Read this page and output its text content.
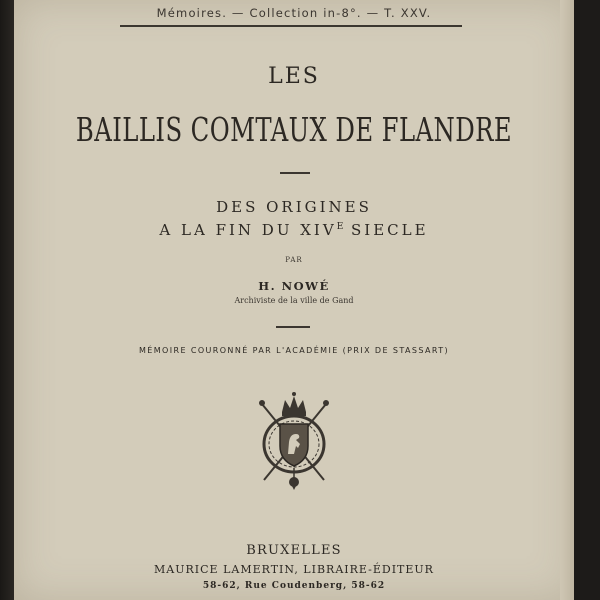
Mémoires. — Collection in-8°. — T. XXV.
LES
BAILLIS COMTAUX DE FLANDRE
DES ORIGINES
A LA FIN DU $XIV^E$ SIECLE
PAR
H. NOWÉ
Archiviste de la ville de Gand
MÉMOIRE COURONNÉ PAR L'ACADÉMIE (PRIX DE STASSART)
BRUXELLES
MAURICE LAMERTIN, LIBRAIRE-ÉDITEUR
58-62, Rue Coudenberg, 58-62
